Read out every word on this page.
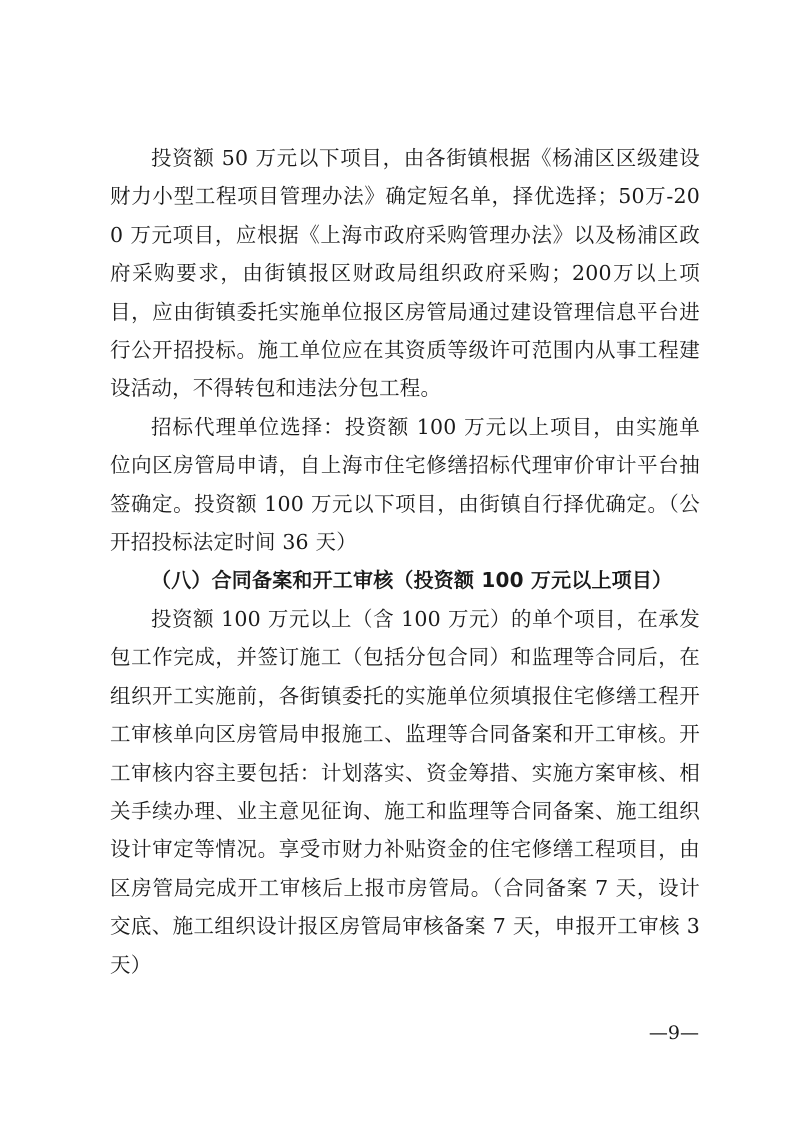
投资额 50 万元以下项目，由各街镇根据《杨浦区区级建设财力小型工程项目管理办法》确定短名单，择优选择；50万-200 万元项目，应根据《上海市政府采购管理办法》以及杨浦区政府采购要求，由街镇报区财政局组织政府采购；200万以上项目，应由街镇委托实施单位报区房管局通过建设管理信息平台进行公开招投标。施工单位应在其资质等级许可范围内从事工程建设活动，不得转包和违法分包工程。

招标代理单位选择：投资额 100 万元以上项目，由实施单位向区房管局申请，自上海市住宅修缮招标代理审价审计平台抽签确定。投资额 100 万元以下项目，由街镇自行择优确定。（公开招投标法定时间 36 天）

（八）合同备案和开工审核（投资额 100 万元以上项目）

投资额 100 万元以上（含 100 万元）的单个项目，在承发包工作完成，并签订施工（包括分包合同）和监理等合同后，在组织开工实施前，各街镇委托的实施单位须填报住宅修缮工程开工审核单向区房管局申报施工、监理等合同备案和开工审核。开工审核内容主要包括：计划落实、资金筹措、实施方案审核、相关手续办理、业主意见征询、施工和监理等合同备案、施工组织设计审定等情况。享受市财力补贴资金的住宅修缮工程项目，由区房管局完成开工审核后上报市房管局。（合同备案 7 天，设计交底、施工组织设计报区房管局审核备案 7 天，申报开工审核 3 天）

—9—
